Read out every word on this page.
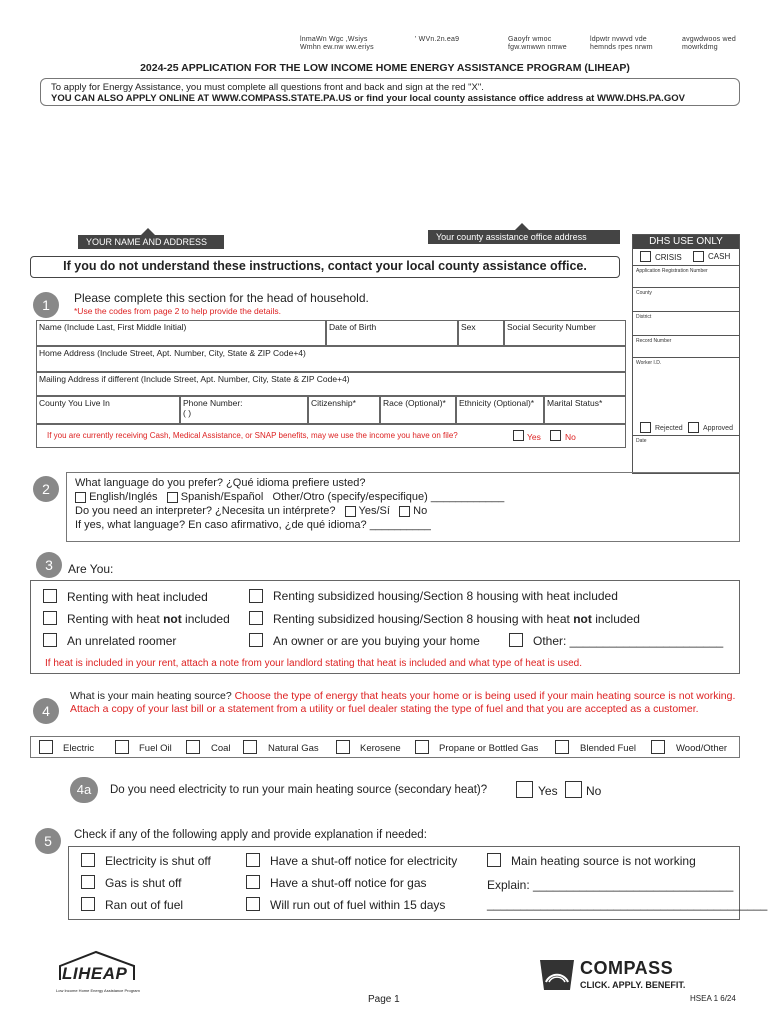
lnmaWn Wgc ,Wsiys
Wmhn ew.nw ww.eriys
' WVn.2n.ea9	Gaoyfr wmoc
fgw.wnwwn nmwe
ldpwtr nvwvd vde
hemnds rpes nrwm
avgwdwoos wed
mowrkdmg
2024-25 APPLICATION FOR THE LOW INCOME HOME ENERGY ASSISTANCE PROGRAM (LIHEAP)
To apply for Energy Assistance, you must complete all questions front and back and sign at the red "X".
YOU CAN ALSO APPLY ONLINE AT WWW.COMPASS.STATE.PA.US or find your local county assistance office address at WWW.DHS.PA.GOV
YOUR NAME AND ADDRESS	Your county assistance office address
If you do not understand these instructions, contact your local county assistance office.
DHS USE ONLY
CRISIS	CASH
Application Registration Number
County
District
Record Number
Worker I.D.
Rejected	Approved
Date
1	Please complete this section for the head of household.
*Use the codes from page 2 to help provide the details.
Name (Include Last, First Middle Initial)	Date of Birth	Sex	Social Security Number
Home Address (Include Street, Apt. Number, City, State & ZIP Code+4)
Mailing Address if different (Include Street, Apt. Number, City, State & ZIP Code+4)
County You Live In	Phone Number:
( )
Citizenship*	Race (Optional)*	Ethnicity (Optional)*	Marital Status*
If you are currently receiving Cash, Medical Assistance, or SNAP benefits, may we use the income you have on file?	Yes	No
2	What language do you prefer? ¿Qué idioma prefiere usted?
English/Inglés Spanish/Español Other/Otro (specify/especifique) ____________
Do you need an interpreter? ¿Necesita un intérprete? Yes/Sí No
If yes, what language? En caso afirmativo, ¿de qué idioma? __________
3	Are You:
Renting with heat included
Renting with heat not included
An unrelated roomer
Renting subsidized housing/Section 8 housing with heat included
Renting subsidized housing/Section 8 housing with heat not included
An owner or are you buying your home	Other: _______________________
If heat is included in your rent, attach a note from your landlord stating that heat is included and what type of heat is used.
4
What is your main heating source? Choose the type of energy that heats your home or is being used if your main heating source is not working. Attach a copy of your last bill or a statement from a utility or fuel dealer stating the type of fuel and that you are accepted as a customer.
Electric	Fuel Oil	Coal	Natural Gas	Kerosene	Propane or Bottled Gas	Blended Fuel	Wood/Other
4a	Do you need electricity to run your main heating source (secondary heat)?	Yes No
5	Check if any of the following apply and provide explanation if needed:
Electricity is shut off
Gas is shut off
Ran out of fuel
Have a shut-off notice for electricity
Have a shut-off notice for gas
Will run out of fuel within 15 days
Main heating source is not working
Explain: ______________________________
__________________________________________
LIHEAP
Low Income Home Energy Assistance Program
Page 1
COMPASS
CLICK. APPLY. BENEFIT.
HSEA 1 6/24
